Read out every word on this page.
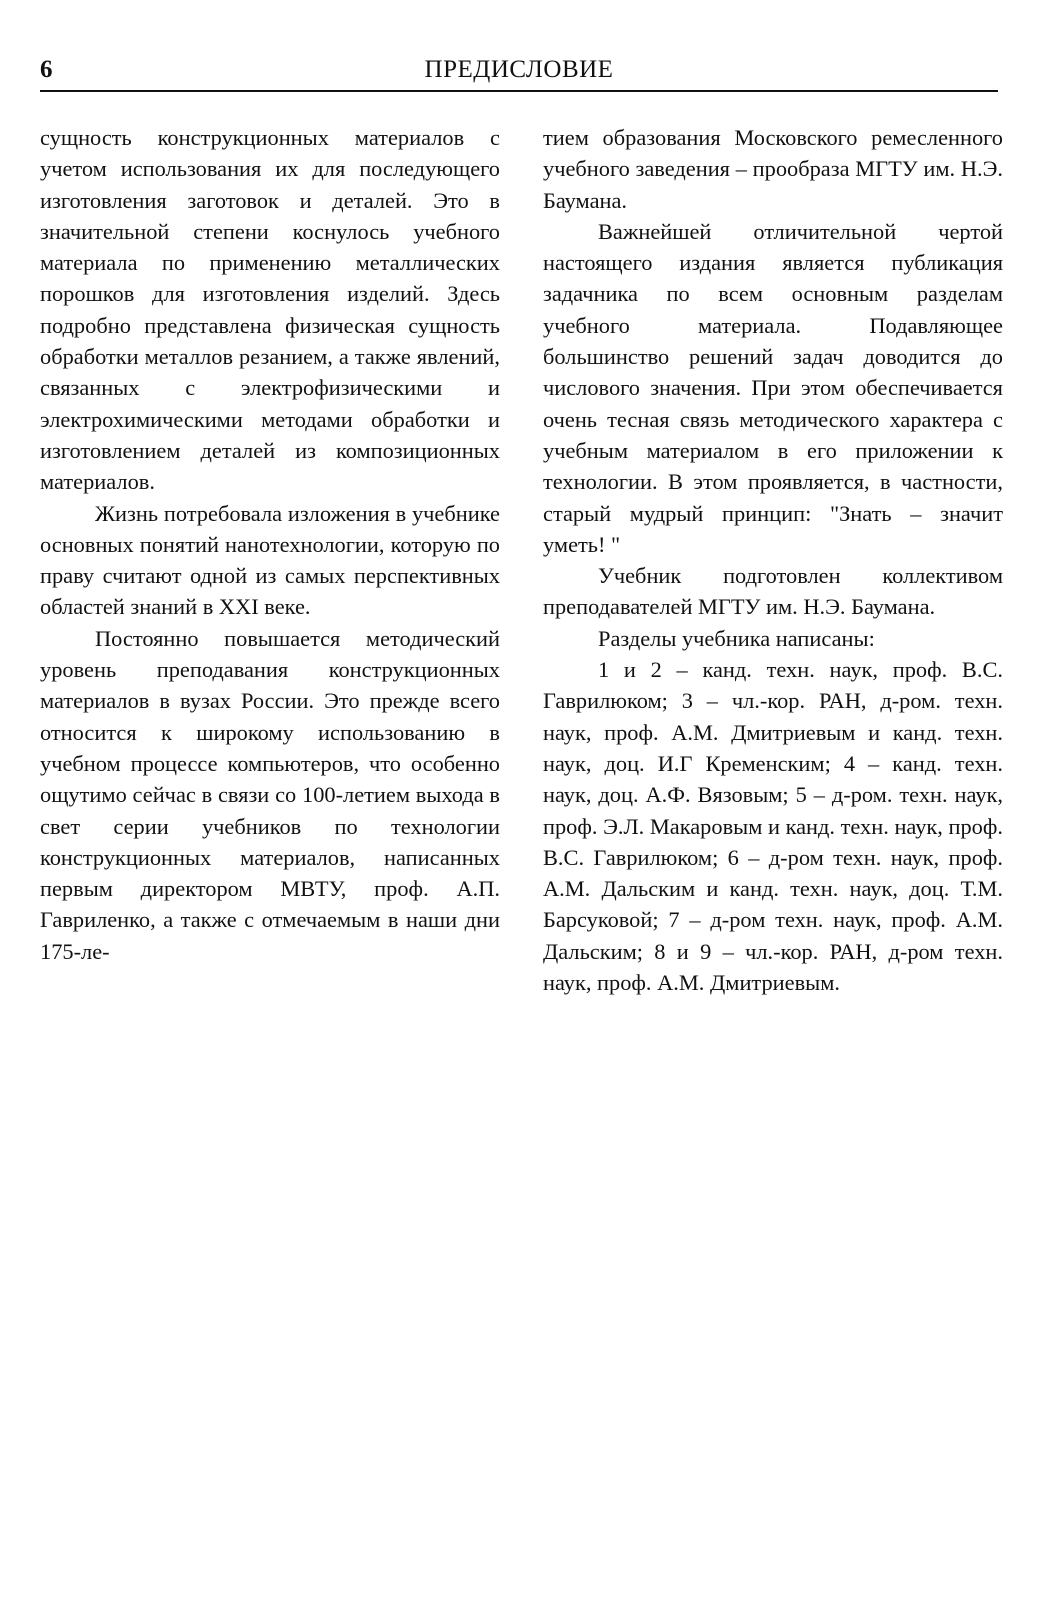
6	ПРЕДИСЛОВИЕ

сущность конструкционных материалов с учетом использования их для последующего изготовления заготовок и деталей. Это в значительной степени коснулось учебного материала по применению металлических порошков для изготовления изделий. Здесь подробно представлена физическая сущность обработки металлов резанием, а также явлений, связанных с электрофизическими и электрохимическими методами обработки и изготовлением деталей из композиционных материалов.

Жизнь потребовала изложения в учебнике основных понятий нанотехнологии, которую по праву считают одной из самых перспективных областей знаний в XXI веке.

Постоянно повышается методический уровень преподавания конструкционных материалов в вузах России. Это прежде всего относится к широкому использованию в учебном процессе компьютеров, что особенно ощутимо сейчас в связи со 100-летием выхода в свет серии учебников по технологии конструкционных материалов, написанных первым директором МВТУ, проф. А.П. Гавриленко, а также с отмечаемым в наши дни 175-ле-

тием образования Московского ремесленного учебного заведения – прообраза МГТУ им. Н.Э. Баумана.

Важнейшей отличительной чертой настоящего издания является публикация задачника по всем основным разделам учебного материала. Подавляющее большинство решений задач доводится до числового значения. При этом обеспечивается очень тесная связь методического характера с учебным материалом в его приложении к технологии. В этом проявляется, в частности, старый мудрый принцип: "Знать – значит уметь! "

Учебник подготовлен коллективом преподавателей МГТУ им. Н.Э. Баумана.

Разделы учебника написаны:

1 и 2 – канд. техн. наук, проф. В.С. Гаврилюком; 3 – чл.-кор. РАН, д-ром. техн. наук, проф. А.М. Дмитриевым и канд. техн. наук, доц. И.Г Кременским; 4 – канд. техн. наук, доц. А.Ф. Вязовым; 5 – д-ром. техн. наук, проф. Э.Л. Макаровым и канд. техн. наук, проф. В.С. Гаврилюком; 6 – д-ром техн. наук, проф. А.М. Дальским и канд. техн. наук, доц. Т.М. Барсуковой; 7 – д-ром техн. наук, проф. А.М. Дальским; 8 и 9 – чл.-кор. РАН, д-ром техн. наук, проф. А.М. Дмитриевым.
